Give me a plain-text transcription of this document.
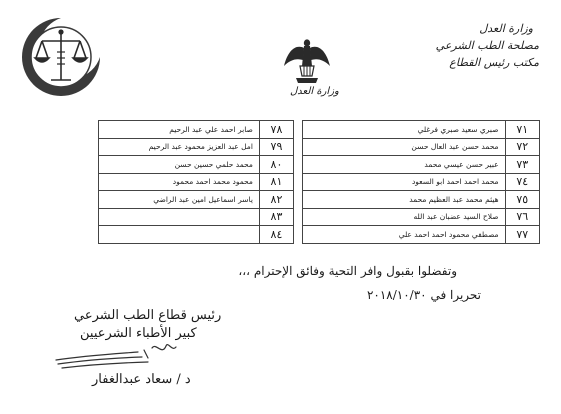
وزارة العدل
مصلحة الطب الشرعي
مكتب رئيس القطاع
وزارة العدل
٧١	صبري سعيد صبري فرغلي
٧٢	محمد حسن عبد العال حسن
٧٣	عبير حسن عيسي محمد
٧٤	محمد احمد احمد ابو السعود
٧٥	هيثم محمد عبد العظيم محمد
٧٦	صلاح السيد عضبان عبد الله
٧٧	مصطفي محمود احمد احمد علي
٧٨	صابر احمد علي عبد الرحيم
٧٩	امل عبد العزيز محمود عبد الرحيم
٨٠	محمد حلمي حسين حسن
٨١	محمود محمد احمد محمود
٨٢	ياسر اسماعيل امين عبد الراضي
٨٣	
٨٤	
وتفضلوا بقبول وافر التحية وفائق الإحترام ،،،
تحريرا في ٢٠١٨/١٠/٣٠
رئيس قطاع الطب الشرعي
كبير الأطباء الشرعيين
د / سعاد عبدالغفار
